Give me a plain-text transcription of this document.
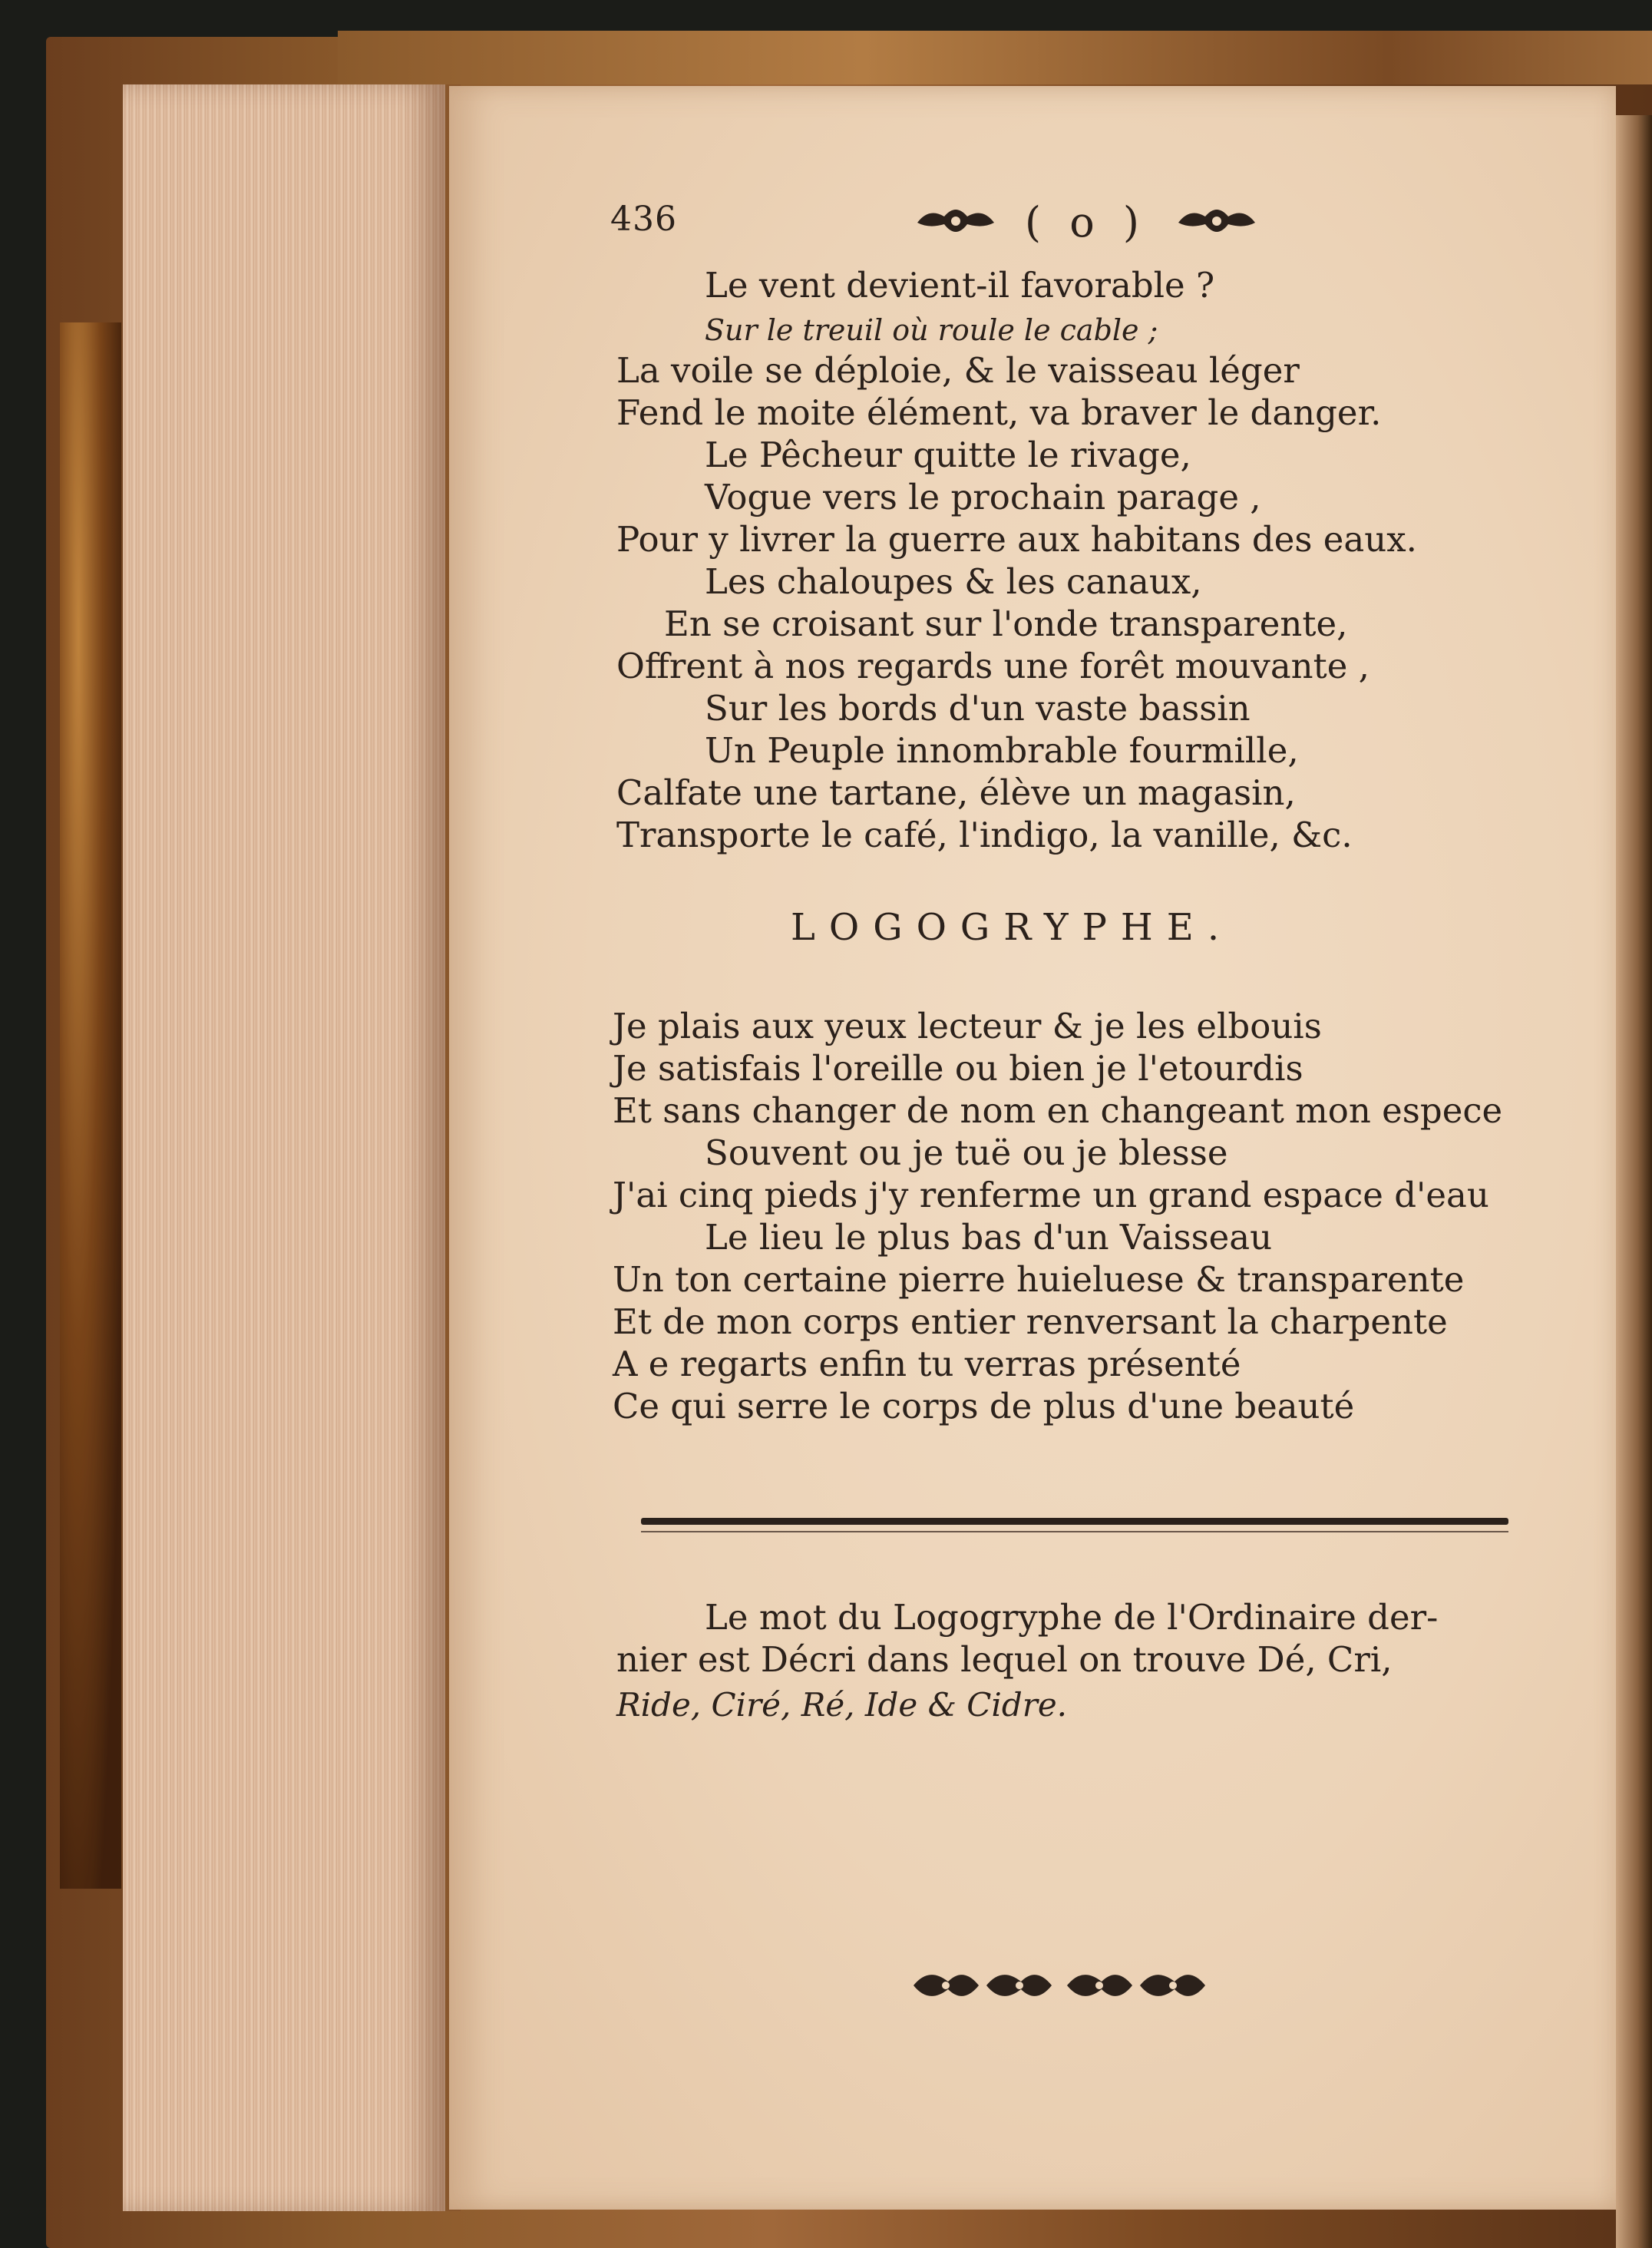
436	( o )
Le vent devient-il favorable ?
Sur le treuil où roule le cable ;
La voile se déploie, & le vaisseau léger
Fend le moite élément, va braver le danger.
Le Pêcheur quitte le rivage,
Vogue vers le prochain parage ,
Pour y livrer la guerre aux habitans des eaux.
Les chaloupes & les canaux,
En se croisant sur l'onde transparente,
Offrent à nos regards une forêt mouvante ,
Sur les bords d'un vaste bassin
Un Peuple innombrable fourmille,
Calfate une tartane, élève un magasin,
Transporte le café, l'indigo, la vanille, &c.
LOGOGRYPHE.
Je plais aux yeux lecteur & je les elbouis
Je satisfais l'oreille ou bien je l'etourdis
Et sans changer de nom en changeant mon espece
Souvent ou je tuë ou je blesse
J'ai cinq pieds j'y renferme un grand espace d'eau
Le lieu le plus bas d'un Vaisseau
Un ton certaine pierre huieluese & transparente
Et de mon corps entier renversant la charpente
A e regarts enfin tu verras présenté
Ce qui serre le corps de plus d'une beauté
Le mot du Logogryphe de l'Ordinaire der-
nier est Décri dans lequel on trouve Dé, Cri,
Ride, Ciré, Ré, Ide & Cidre.
